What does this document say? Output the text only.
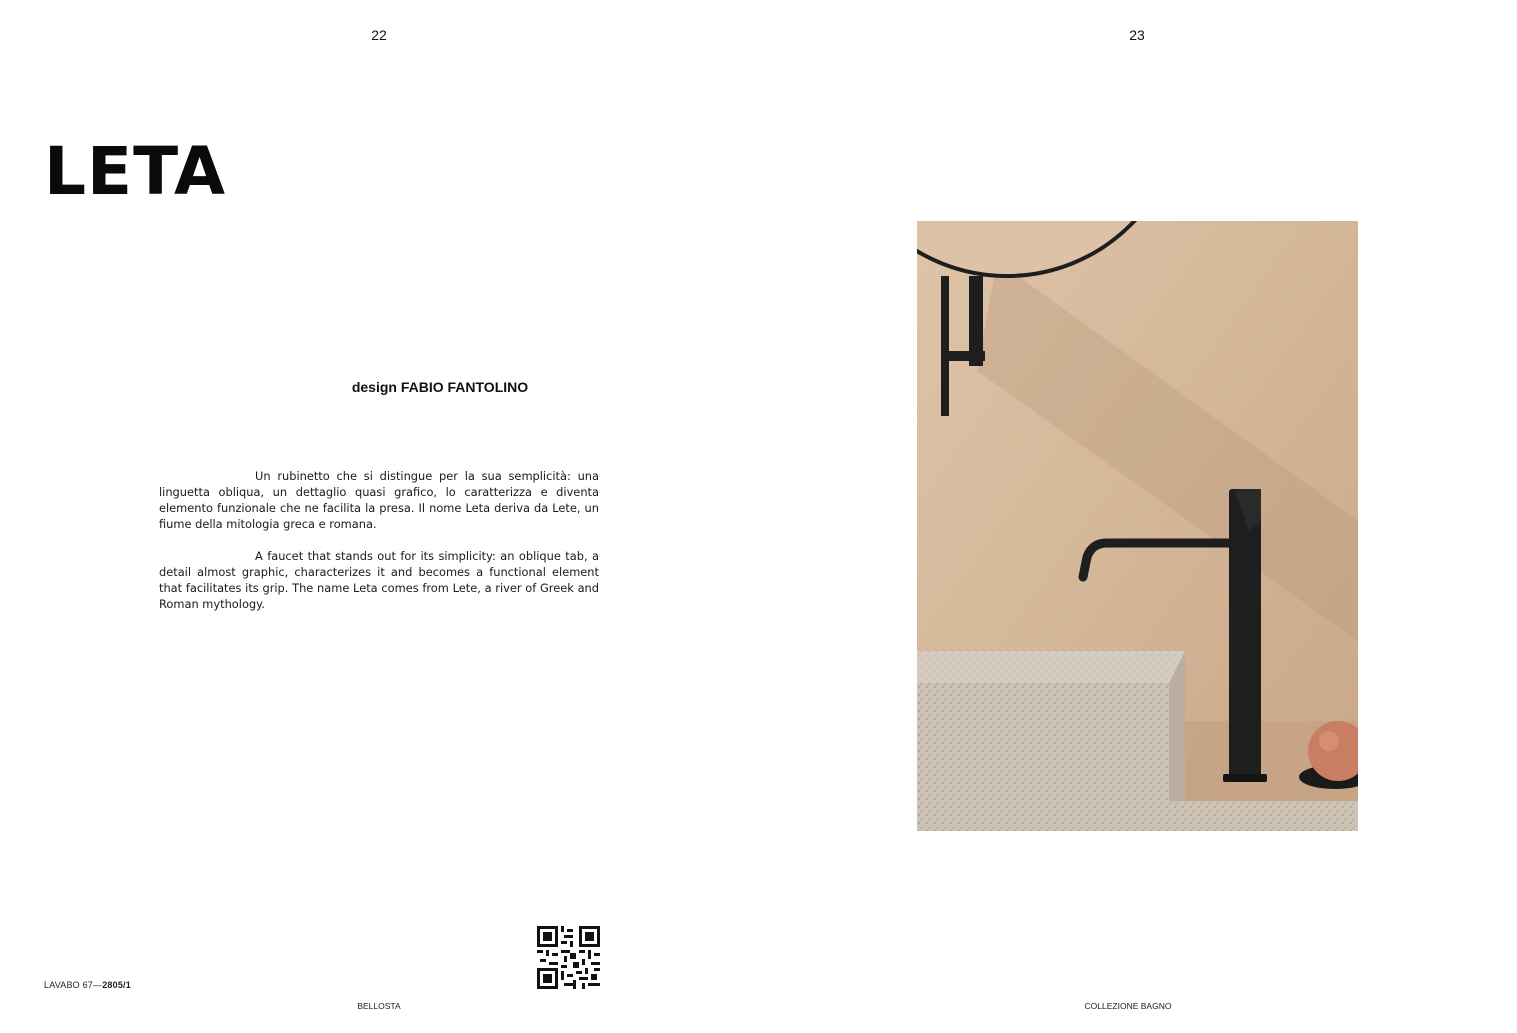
22	23
LETA
design FABIO FANTOLINO

Un rubinetto che si distingue per la sua semplicità: una linguetta obliqua, un dettaglio quasi grafico, lo caratterizza e diventa elemento funzionale che ne facilita la presa. Il nome Leta deriva da Lete, un fiume della mitologia greca e romana.

A faucet that stands out for its simplicity: an oblique tab, a detail almost graphic, characterizes it and becomes a functional element that facilitates its grip. The name Leta comes from Lete, a river of Greek and Roman mythology.

LAVABO 67—2805/1
BELLOSTA	COLLEZIONE BAGNO
